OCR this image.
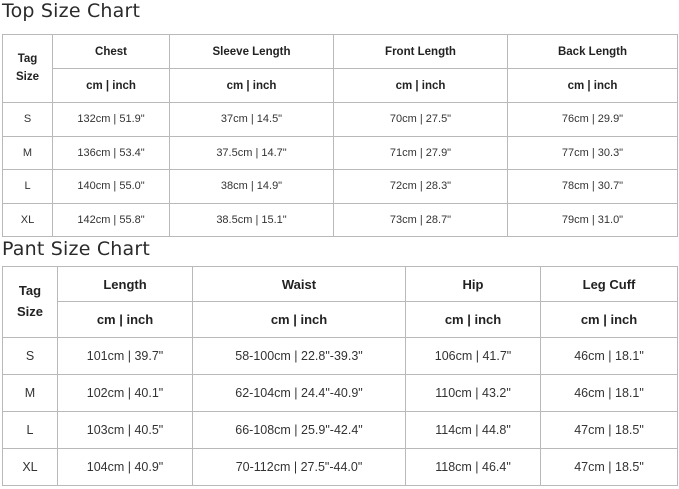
Top Size Chart
Tag
Size	Chest	Sleeve Length	Front Length	Back Length
	cm | inch	cm | inch	cm | inch	cm | inch
S	132cm | 51.9"	37cm | 14.5"	70cm | 27.5"	76cm | 29.9"
M	136cm | 53.4"	37.5cm | 14.7"	71cm | 27.9"	77cm | 30.3"
L	140cm | 55.0"	38cm | 14.9"	72cm | 28.3"	78cm | 30.7"
XL	142cm | 55.8"	38.5cm | 15.1"	73cm | 28.7"	79cm | 31.0"
Pant Size Chart
Tag
Size	Length	Waist	Hip	Leg Cuff
	cm | inch	cm | inch	cm | inch	cm | inch
S	101cm | 39.7"	58-100cm | 22.8"-39.3"	106cm | 41.7"	46cm | 18.1"
M	102cm | 40.1"	62-104cm | 24.4"-40.9"	110cm | 43.2"	46cm | 18.1"
L	103cm | 40.5"	66-108cm | 25.9"-42.4"	114cm | 44.8"	47cm | 18.5"
XL	104cm | 40.9"	70-112cm | 27.5"-44.0"	118cm | 46.4"	47cm | 18.5"
